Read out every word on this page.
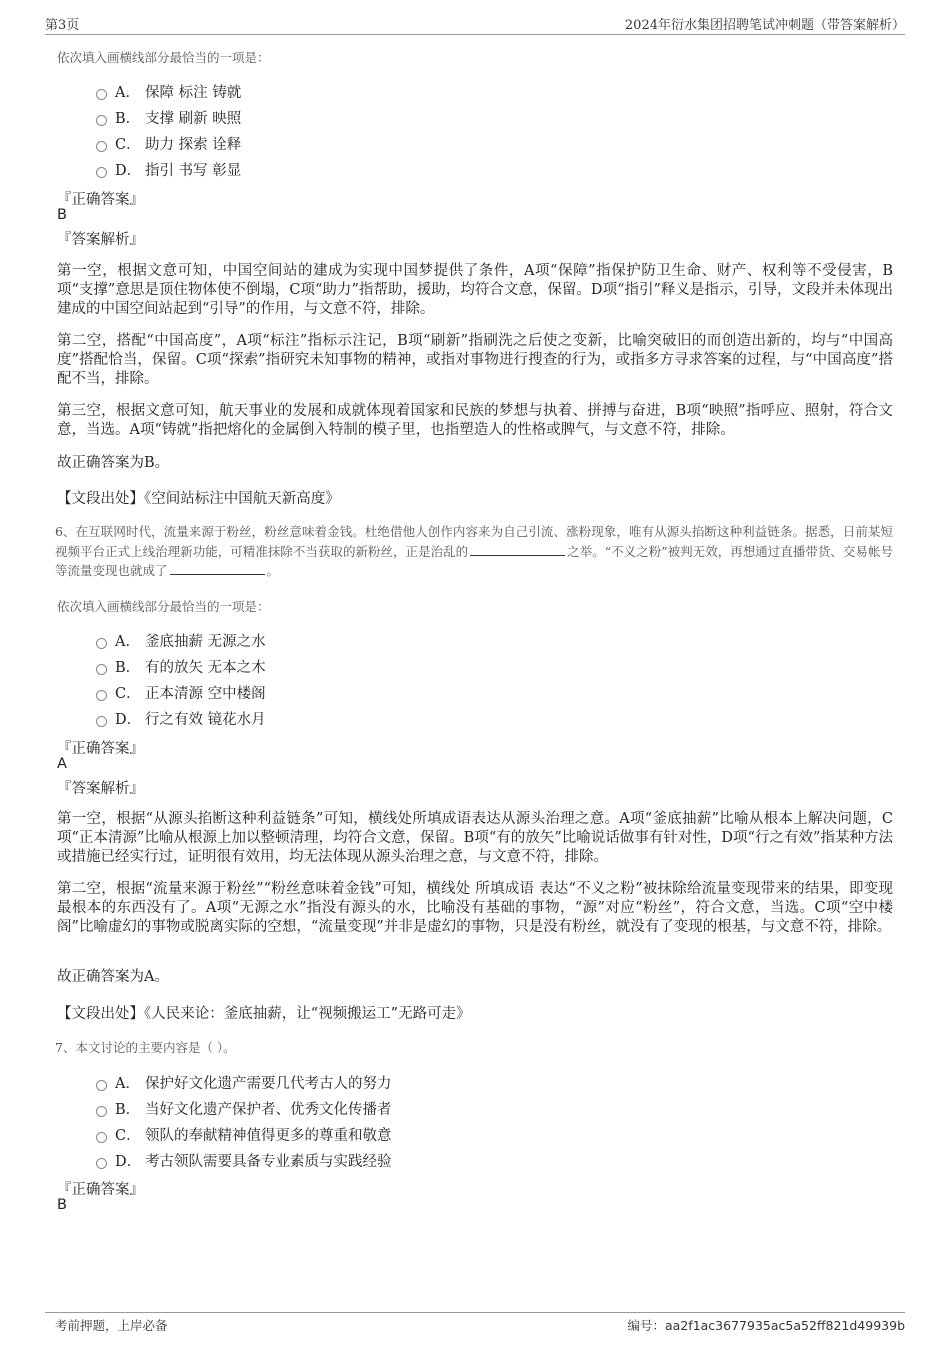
第3页	2024年衍水集团招聘笔试冲刺题（带答案解析）
依次填入画横线部分最恰当的一项是：
A． 保障 标注 铸就
B． 支撑 刷新 映照
C． 助力 探索 诠释
D． 指引 书写 彰显
『正确答案』
B
『答案解析』
第一空，根据文意可知，中国空间站的建成为实现中国梦提供了条件，A项“保障”指保护防卫生命、财产、权利等不受侵害，B项“支撑”意思是顶住物体使不倒塌，C项“助力”指帮助，援助，均符合文意，保留。D项“指引”释义是指示，引导，文段并未体现出建成的中国空间站起到“引导”的作用，与文意不符，排除。
第二空，搭配“中国高度”，A项“标注”指标示注记，B项“刷新”指刷洗之后使之变新，比喻突破旧的而创造出新的，均与“中国高度”搭配恰当，保留。C项“探索”指研究未知事物的精神，或指对事物进行搜查的行为，或指多方寻求答案的过程，与“中国高度”搭配不当，排除。
第三空，根据文意可知，航天事业的发展和成就体现着国家和民族的梦想与执着、拼搏与奋进，B项“映照”指呼应、照射，符合文意，当选。A项“铸就”指把熔化的金属倒入特制的模子里，也指塑造人的性格或脾气，与文意不符，排除。
故正确答案为B。
【文段出处】《空间站标注中国航天新高度》
6、在互联网时代，流量来源于粉丝，粉丝意味着金钱。杜绝借他人创作内容来为自己引流、涨粉现象，唯有从源头掐断这种利益链条。据悉，日前某短视频平台正式上线治理新功能，可精准抹除不当获取的新粉丝，正是治乱的	之举。“不义之粉”被判无效，再想通过直播带货、交易帐号等流量变现也就成了	。
依次填入画横线部分最恰当的一项是：
A． 釜底抽薪 无源之水
B． 有的放矢 无本之木
C． 正本清源 空中楼阁
D． 行之有效 镜花水月
『正确答案』
A
『答案解析』
第一空，根据“从源头掐断这种利益链条”可知，横线处所填成语表达从源头治理之意。A项“釜底抽薪”比喻从根本上解决问题，C项“正本清源”比喻从根源上加以整顿清理，均符合文意，保留。B项“有的放矢”比喻说话做事有针对性，D项“行之有效”指某种方法或措施已经实行过，证明很有效用，均无法体现从源头治理之意，与文意不符，排除。
第二空，根据“流量来源于粉丝”“粉丝意味着金钱”可知，横线处 所填成语 表达“不义之粉”被抹除给流量变现带来的结果，即变现最根本的东西没有了。A项“无源之水”指没有源头的水，比喻没有基础的事物，“源”对应“粉丝”，符合文意，当选。C项“空中楼阁”比喻虚幻的事物或脱离实际的空想，“流量变现”并非是虚幻的事物，只是没有粉丝，就没有了变现的根基，与文意不符，排除。
故正确答案为A。
【文段出处】《人民来论：釜底抽薪，让“视频搬运工”无路可走》
7、本文讨论的主要内容是（ ）。
A． 保护好文化遗产需要几代考古人的努力
B． 当好文化遗产保护者、优秀文化传播者
C． 领队的奉献精神值得更多的尊重和敬意
D． 考古领队需要具备专业素质与实践经验
『正确答案』
B
考前押题，上岸必备	编号：aa2f1ac3677935ac5a52ff821d49939b
